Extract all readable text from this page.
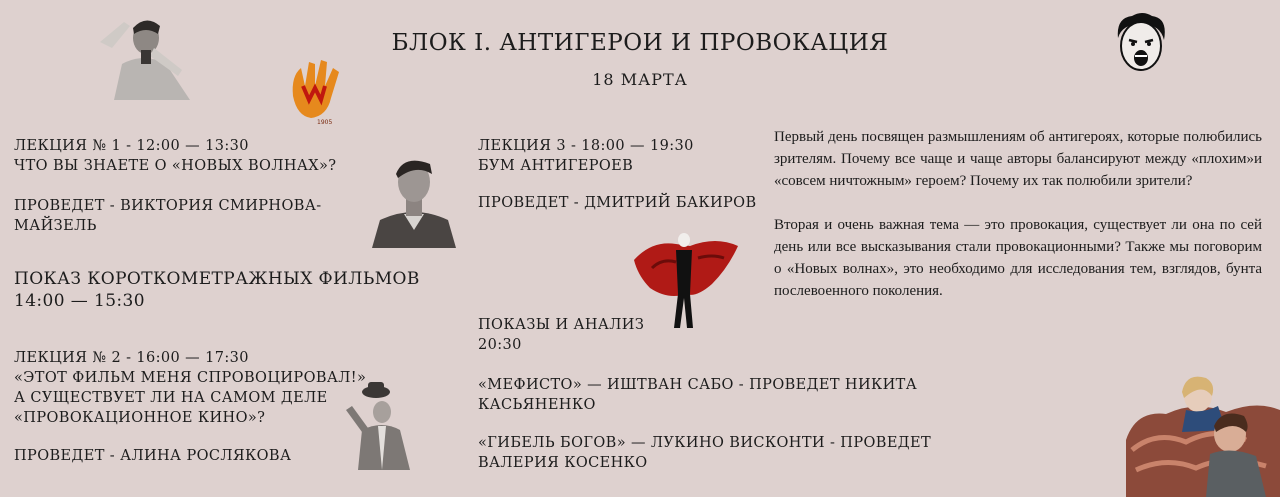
БЛОК I. АНТИГЕРОИ И ПРОВОКАЦИЯ
18 МАРТА
ЛЕКЦИЯ № 1 - 12:00 — 13:30
ЧТО ВЫ ЗНАЕТЕ О «НОВЫХ ВОЛНАХ»?
ПРОВЕДЕТ - ВИКТОРИЯ СМИРНОВА-
МАЙЗЕЛЬ
ПОКАЗ КОРОТКОМЕТРАЖНЫХ ФИЛЬМОВ
14:00 — 15:30
ЛЕКЦИЯ № 2 - 16:00 — 17:30
«ЭТОТ ФИЛЬМ МЕНЯ СПРОВОЦИРОВАЛ!»
А СУЩЕСТВУЕТ ЛИ НА САМОМ ДЕЛЕ
«ПРОВОКАЦИОННОЕ КИНО»?
ПРОВЕДЕТ - АЛИНА РОСЛЯКОВА
ЛЕКЦИЯ 3 - 18:00 — 19:30
БУМ АНТИГЕРОЕВ
ПРОВЕДЕТ - ДМИТРИЙ БАКИРОВ
ПОКАЗЫ И АНАЛИЗ
20:30
«МЕФИСТО» — ИШТВАН САБО - ПРОВЕДЕТ НИКИТА
КАСЬЯНЕНКО
«ГИБЕЛЬ БОГОВ» — ЛУКИНО ВИСКОНТИ - ПРОВЕДЕТ
ВАЛЕРИЯ КОСЕНКО
Первый день посвящен размышлениям об антигероях, которые полюбились зрителям. Почему все чаще и чаще авторы балансируют между «плохим»и «совсем ничтожным» героем? Почему их так полюбили зрители?
Вторая и очень важная тема — это провокация, существует ли она по сей день или все высказывания стали провокационными? Также мы поговорим о «Новых волнах», это необходимо для исследования тем, взглядов, бунта послевоенного поколения.
1905
